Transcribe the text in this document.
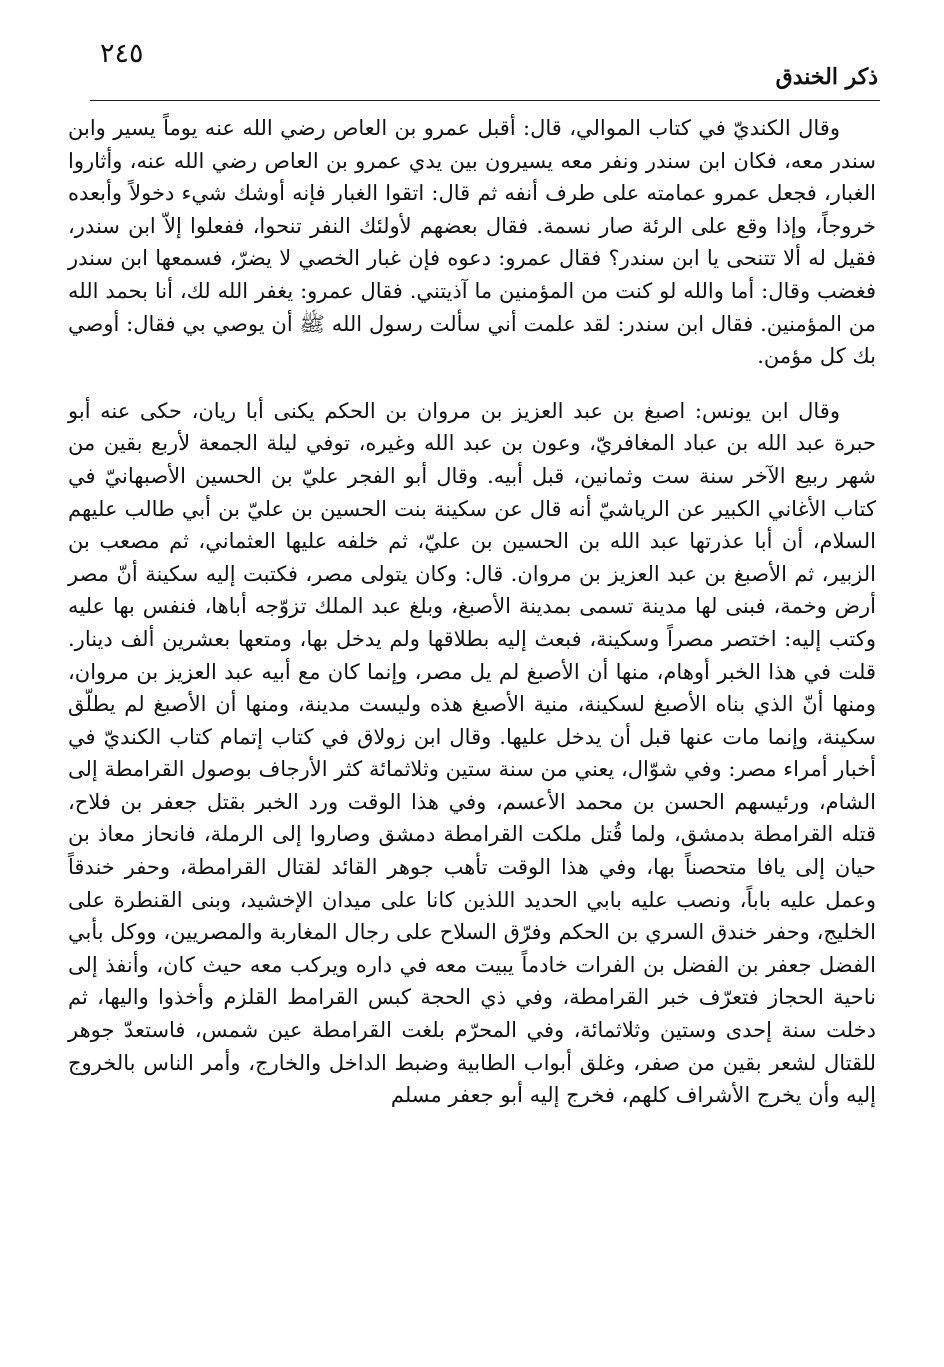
٢٤٥
ذكر الخندق

وقال الكنديّ في كتاب الموالي، قال: أقبل عمرو بن العاص رضي الله عنه يوماً يسير وابن سندر معه، فكان ابن سندر ونفر معه يسيرون بين يدي عمرو بن العاص رضي الله عنه، وأثاروا الغبار، فجعل عمرو عمامته على طرف أنفه ثم قال: اتقوا الغبار فإنه أوشك شيء دخولاً وأبعده خروجاً، وإذا وقع على الرئة صار نسمة. فقال بعضهم لأولئك النفر تنحوا، ففعلوا إلاّ ابن سندر، فقيل له ألا تتنحى يا ابن سندر؟ فقال عمرو: دعوه فإن غبار الخصي لا يضرّ، فسمعها ابن سندر فغضب وقال: أما والله لو كنت من المؤمنين ما آذيتني. فقال عمرو: يغفر الله لك، أنا بحمد الله من المؤمنين. فقال ابن سندر: لقد علمت أني سألت رسول الله ﷺ أن يوصي بي فقال: أوصي بك كل مؤمن.

وقال ابن يونس: اصبغ بن عبد العزيز بن مروان بن الحكم يكنى أبا ريان، حكى عنه أبو حبرة عبد الله بن عباد المغافريّ، وعون بن عبد الله وغيره، توفي ليلة الجمعة لأربع بقين من شهر ربيع الآخر سنة ست وثمانين، قبل أبيه. وقال أبو الفجر عليّ بن الحسين الأصبهانيّ في كتاب الأغاني الكبير عن الرياشيّ أنه قال عن سكينة بنت الحسين بن عليّ بن أبي طالب عليهم السلام، أن أبا عذرتها عبد الله بن الحسين بن عليّ، ثم خلفه عليها العثماني، ثم مصعب بن الزبير، ثم الأصبغ بن عبد العزيز بن مروان. قال: وكان يتولى مصر، فكتبت إليه سكينة أنّ مصر أرض وخمة، فبنى لها مدينة تسمى بمدينة الأصبغ، وبلغ عبد الملك تزوّجه أباها، فنفس بها عليه وكتب إليه: اختصر مصراً وسكينة، فبعث إليه بطلاقها ولم يدخل بها، ومتعها بعشرين ألف دينار. قلت في هذا الخبر أوهام، منها أن الأصبغ لم يل مصر، وإنما كان مع أبيه عبد العزيز بن مروان، ومنها أنّ الذي بناه الأصبغ لسكينة، منية الأصبغ هذه وليست مدينة، ومنها أن الأصبغ لم يطلّق سكينة، وإنما مات عنها قبل أن يدخل عليها. وقال ابن زولاق في كتاب إتمام كتاب الكنديّ في أخبار أمراء مصر: وفي شوّال، يعني من سنة ستين وثلاثمائة كثر الأرجاف بوصول القرامطة إلى الشام، ورئيسهم الحسن بن محمد الأعسم، وفي هذا الوقت ورد الخبر بقتل جعفر بن فلاح، قتله القرامطة بدمشق، ولما قُتل ملكت القرامطة دمشق وصاروا إلى الرملة، فانحاز معاذ بن حيان إلى يافا متحصناً بها، وفي هذا الوقت تأهب جوهر القائد لقتال القرامطة، وحفر خندقاً وعمل عليه باباً، ونصب عليه بابي الحديد اللذين كانا على ميدان الإخشيد، وبنى القنطرة على الخليج، وحفر خندق السري بن الحكم وفرّق السلاح على رجال المغاربة والمصريين، ووكل بأبي الفضل جعفر بن الفضل بن الفرات خادماً يبيت معه في داره ويركب معه حيث كان، وأنفذ إلى ناحية الحجاز فتعرّف خبر القرامطة، وفي ذي الحجة كبس القرامط القلزم وأخذوا واليها، ثم دخلت سنة إحدى وستين وثلاثمائة، وفي المحرّم بلغت القرامطة عين شمس، فاستعدّ جوهر للقتال لشعر بقين من صفر، وغلق أبواب الطابية وضبط الداخل والخارج، وأمر الناس بالخروج إليه وأن يخرج الأشراف كلهم، فخرج إليه أبو جعفر مسلم
